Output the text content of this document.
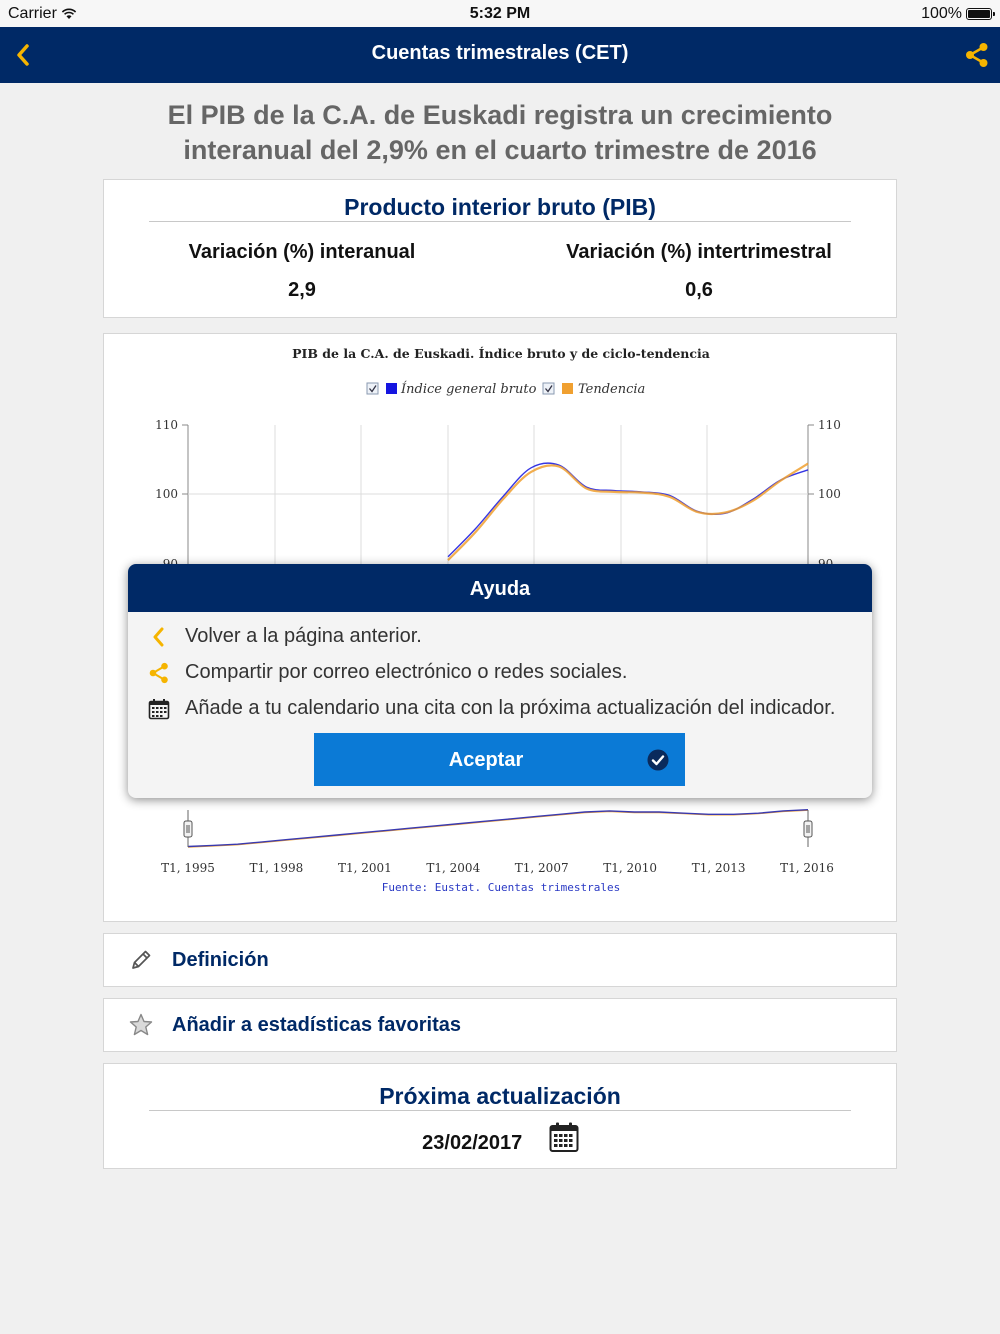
Carrier	5:32 PM	100%
Cuentas trimestrales (CET)
El PIB de la C.A. de Euskadi registra un crecimiento
interanual del 2,9% en el cuarto trimestre de 2016
Producto interior bruto (PIB)
Variación (%) interanual
2,9
Variación (%) intertrimestral
0,6
PIB de la C.A. de Euskadi. Índice bruto y de ciclo-tendencia
Índice general bruto	Tendencia
110
100
110
100
T1, 1995	T1, 1998	T1, 2001	T1, 2004	T1, 2007	T1, 2010	T1, 2013	T1, 2016
Fuente: Eustat. Cuentas trimestrales
Definición
Añadir a estadísticas favoritas
Próxima actualización
23/02/2017
Ayuda
Volver a la página anterior.
Compartir por correo electrónico o redes sociales.
Añade a tu calendario una cita con la próxima actualización del indicador.
Aceptar
